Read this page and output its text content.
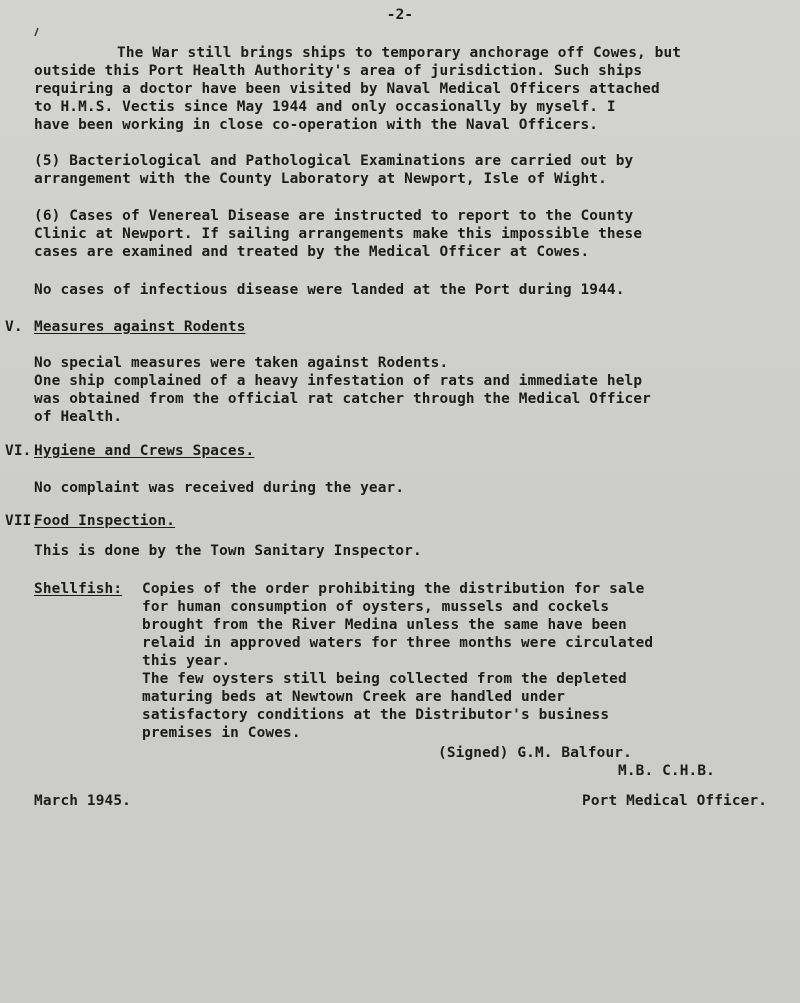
-2-
The War still brings ships to temporary anchorage off Cowes, but
outside this Port Health Authority's area of jurisdiction. Such ships
requiring a doctor have been visited by Naval Medical Officers attached
to H.M.S. Vectis since May 1944 and only occasionally by myself. I
have been working in close co-operation with the Naval Officers.
(5) Bacteriological and Pathological Examinations are carried out by
arrangement with the County Laboratory at Newport, Isle of Wight.
(6) Cases of Venereal Disease are instructed to report to the County
Clinic at Newport. If sailing arrangements make this impossible these
cases are examined and treated by the Medical Officer at Cowes.
No cases of infectious disease were landed at the Port during 1944.
V. Measures against Rodents
No special measures were taken against Rodents.
One ship complained of a heavy infestation of rats and immediate help
was obtained from the official rat catcher through the Medical Officer
of Health.
VI. Hygiene and Crews Spaces.
No complaint was received during the year.
VII.
Food Inspection.
This is done by the Town Sanitary Inspector.
Shellfish: Copies of the order prohibiting the distribution for sale
for human consumption of oysters, mussels and cockels
brought from the River Medina unless the same have been
relaid in approved waters for three months were circulated
this year.
The few oysters still being collected from the depleted
maturing beds at Newtown Creek are handled under
satisfactory conditions at the Distributor's business
premises in Cowes.
(Signed) G.M. Balfour.
M.B. C.H.B.
March 1945.	Port Medical Officer.
